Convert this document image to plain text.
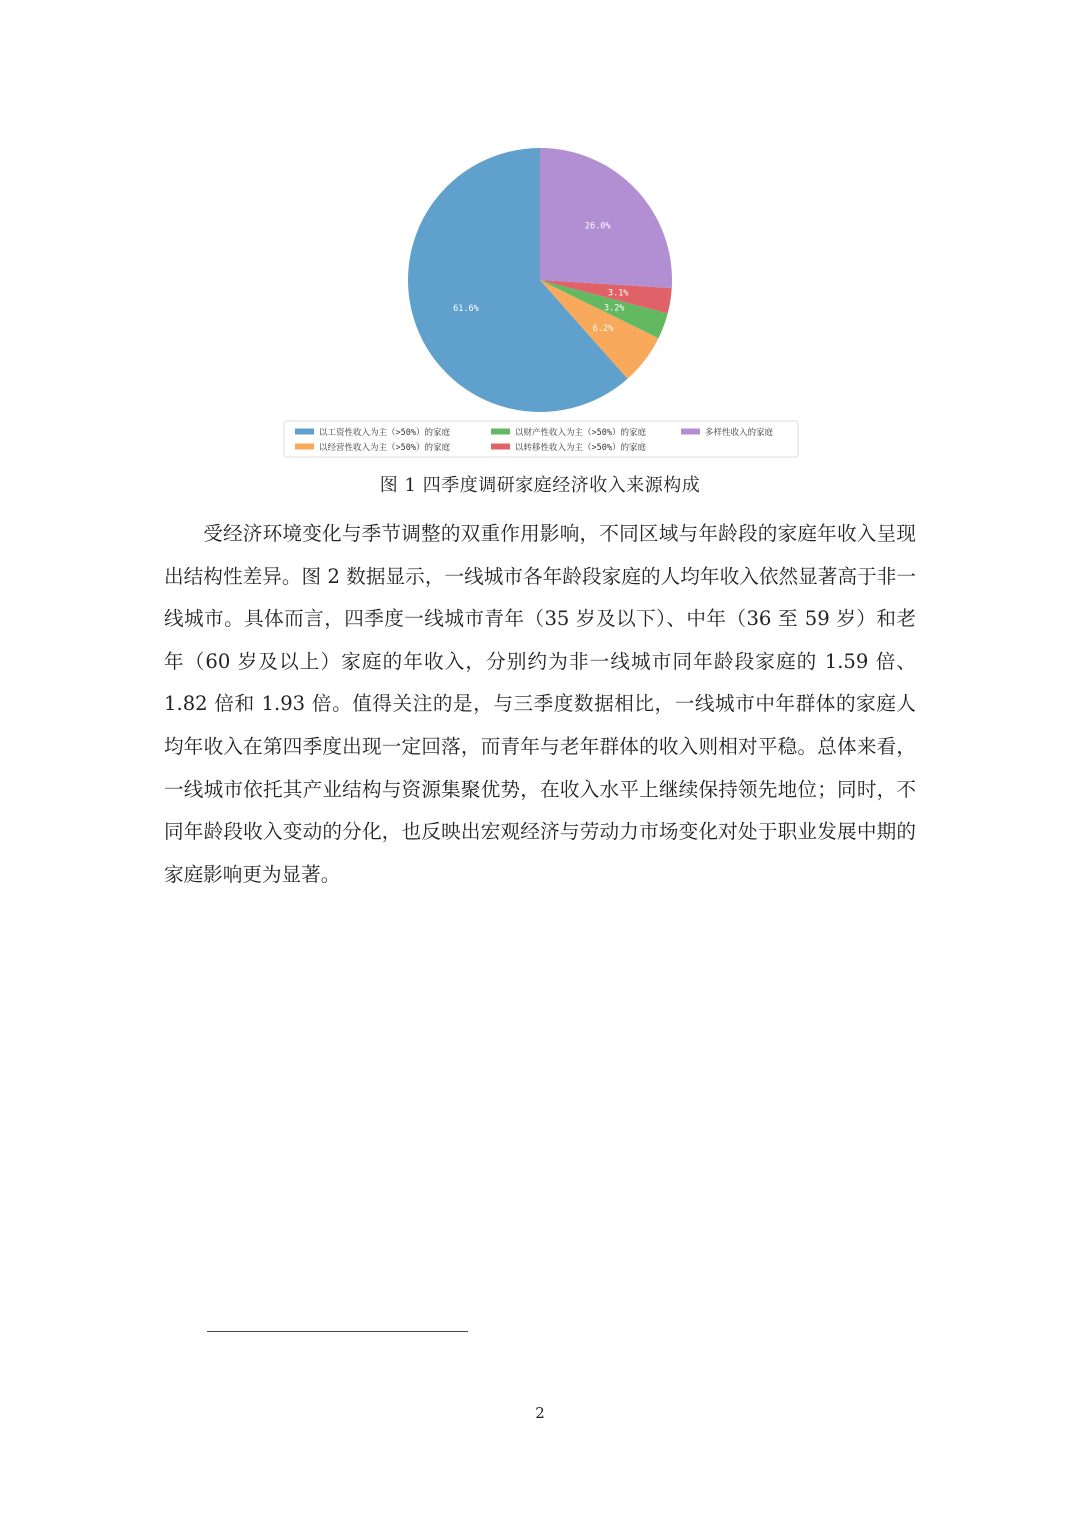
61.6%
6.2%
3.2%
3.1%
26.0%
以工资性收入为主（>50%）的家庭
以经营性收入为主（>50%）的家庭
以财产性收入为主（>50%）的家庭
以转移性收入为主（>50%）的家庭
多样性收入的家庭
图 1 四季度调研家庭经济收入来源构成

受经济环境变化与季节调整的双重作用影响，不同区域与年龄段的家庭年收入呈现出结构性差异。图 2 数据显示，一线城市各年龄段家庭的人均年收入依然显著高于非一线城市。具体而言，四季度一线城市青年（35 岁及以下）、中年（36 至 59 岁）和老年（60 岁及以上）家庭的年收入，分别约为非一线城市同年龄段家庭的 1.59 倍、1.82 倍和 1.93 倍。值得关注的是，与三季度数据相比，一线城市中年群体的家庭人均年收入在第四季度出现一定回落，而青年与老年群体的收入则相对平稳。总体来看，一线城市依托其产业结构与资源集聚优势，在收入水平上继续保持领先地位；同时，不同年龄段收入变动的分化，也反映出宏观经济与劳动力市场变化对处于职业发展中期的家庭影响更为显著。

2
